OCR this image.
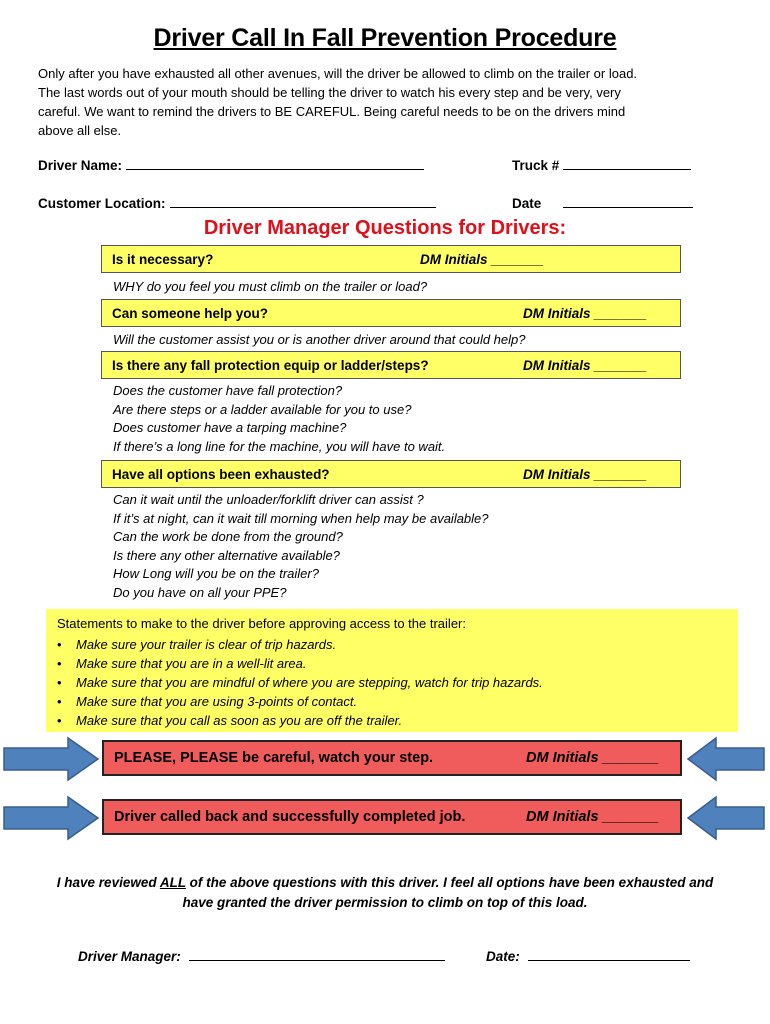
Driver Call In Fall Prevention Procedure
Only after you have exhausted all other avenues, will the driver be allowed to climb on the trailer or load.
The last words out of your mouth should be telling the driver to watch his every step and be very, very
careful. We want to remind the drivers to BE CAREFUL. Being careful needs to be on the drivers mind
above all else.
Driver Name:	Truck #
Customer Location:	Date
Driver Manager Questions for Drivers:
Is it necessary?	DM Initials _______
WHY do you feel you must climb on the trailer or load?
Can someone help you?	DM Initials _______
Will the customer assist you or is another driver around that could help?
Is there any fall protection equip or ladder/steps?	DM Initials _______
Does the customer have fall protection?
Are there steps or a ladder available for you to use?
Does customer have a tarping machine?
If there’s a long line for the machine, you will have to wait.
Have all options been exhausted?	DM Initials _______
Can it wait until the unloader/forklift driver can assist ?
If it’s at night, can it wait till morning when help may be available?
Can the work be done from the ground?
Is there any other alternative available?
How Long will you be on the trailer?
Do you have on all your PPE?
Statements to make to the driver before approving access to the trailer:
• Make sure your trailer is clear of trip hazards.
• Make sure that you are in a well-lit area.
• Make sure that you are mindful of where you are stepping, watch for trip hazards.
• Make sure that you are using 3-points of contact.
• Make sure that you call as soon as you are off the trailer.
PLEASE, PLEASE be careful, watch your step.	DM Initials _______
Driver called back and successfully completed job.	DM Initials _______
I have reviewed ALL of the above questions with this driver. I feel all options have been exhausted and
have granted the driver permission to climb on top of this load.
Driver Manager:	Date:
